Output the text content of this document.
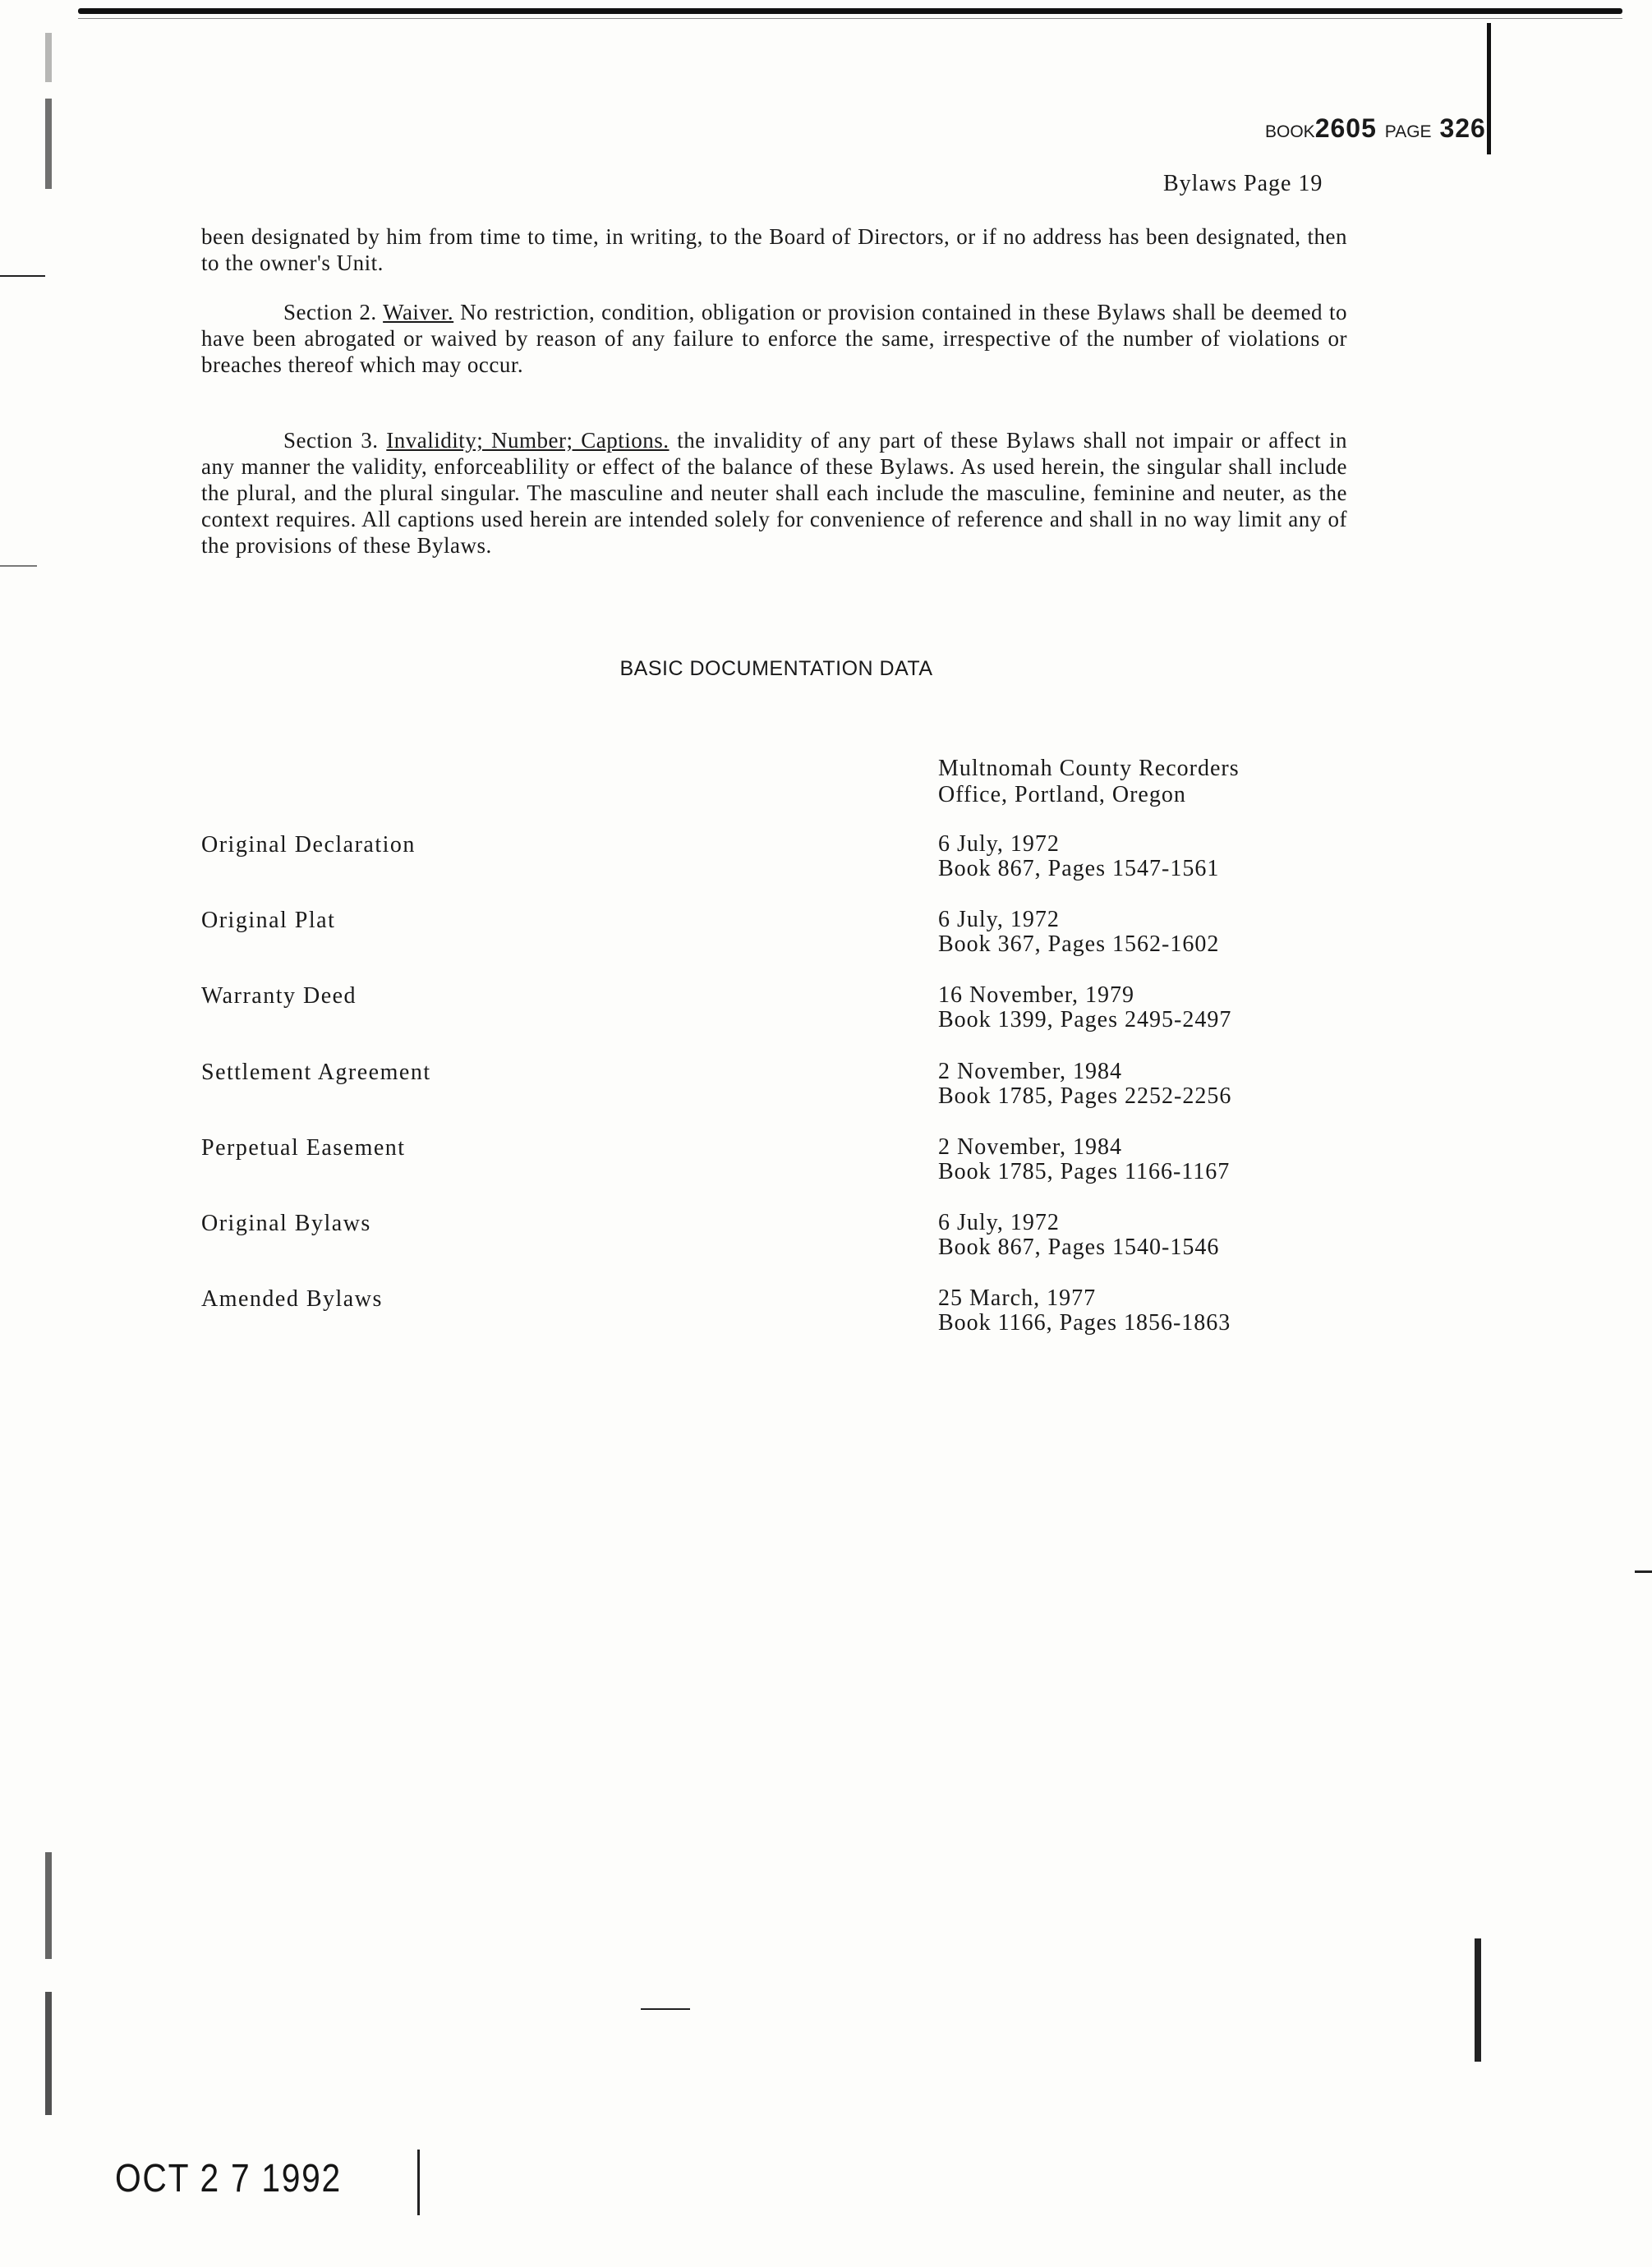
BOOK2605 PAGE 326
Bylaws Page 19
been designated by him from time to time, in writing, to the Board of Directors, or if no address has been designated, then to the owner's Unit.
Section 2. Waiver. No restriction, condition, obligation or provision contained in these Bylaws shall be deemed to have been abrogated or waived by reason of any failure to enforce the same, irrespective of the number of violations or breaches thereof which may occur.
Section 3. Invalidity; Number; Captions. the invalidity of any part of these Bylaws shall not impair or affect in any manner the validity, enforceablility or effect of the balance of these Bylaws. As used herein, the singular shall include the plural, and the plural singular. The masculine and neuter shall each include the masculine, feminine and neuter, as the context requires. All captions used herein are intended solely for convenience of reference and shall in no way limit any of the provisions of these Bylaws.
BASIC DOCUMENTATION DATA
Multnomah County Recorders
Office, Portland, Oregon
Original Declaration	6 July, 1972
Book 867, Pages 1547-1561
Original Plat	6 July, 1972
Book 367, Pages 1562-1602
Warranty Deed	16 November, 1979
Book 1399, Pages 2495-2497
Settlement Agreement	2 November, 1984
Book 1785, Pages 2252-2256
Perpetual Easement	2 November, 1984
Book 1785, Pages 1166-1167
Original Bylaws	6 July, 1972
Book 867, Pages 1540-1546
Amended Bylaws	25 March, 1977
Book 1166, Pages 1856-1863
OCT 2 7 1992
